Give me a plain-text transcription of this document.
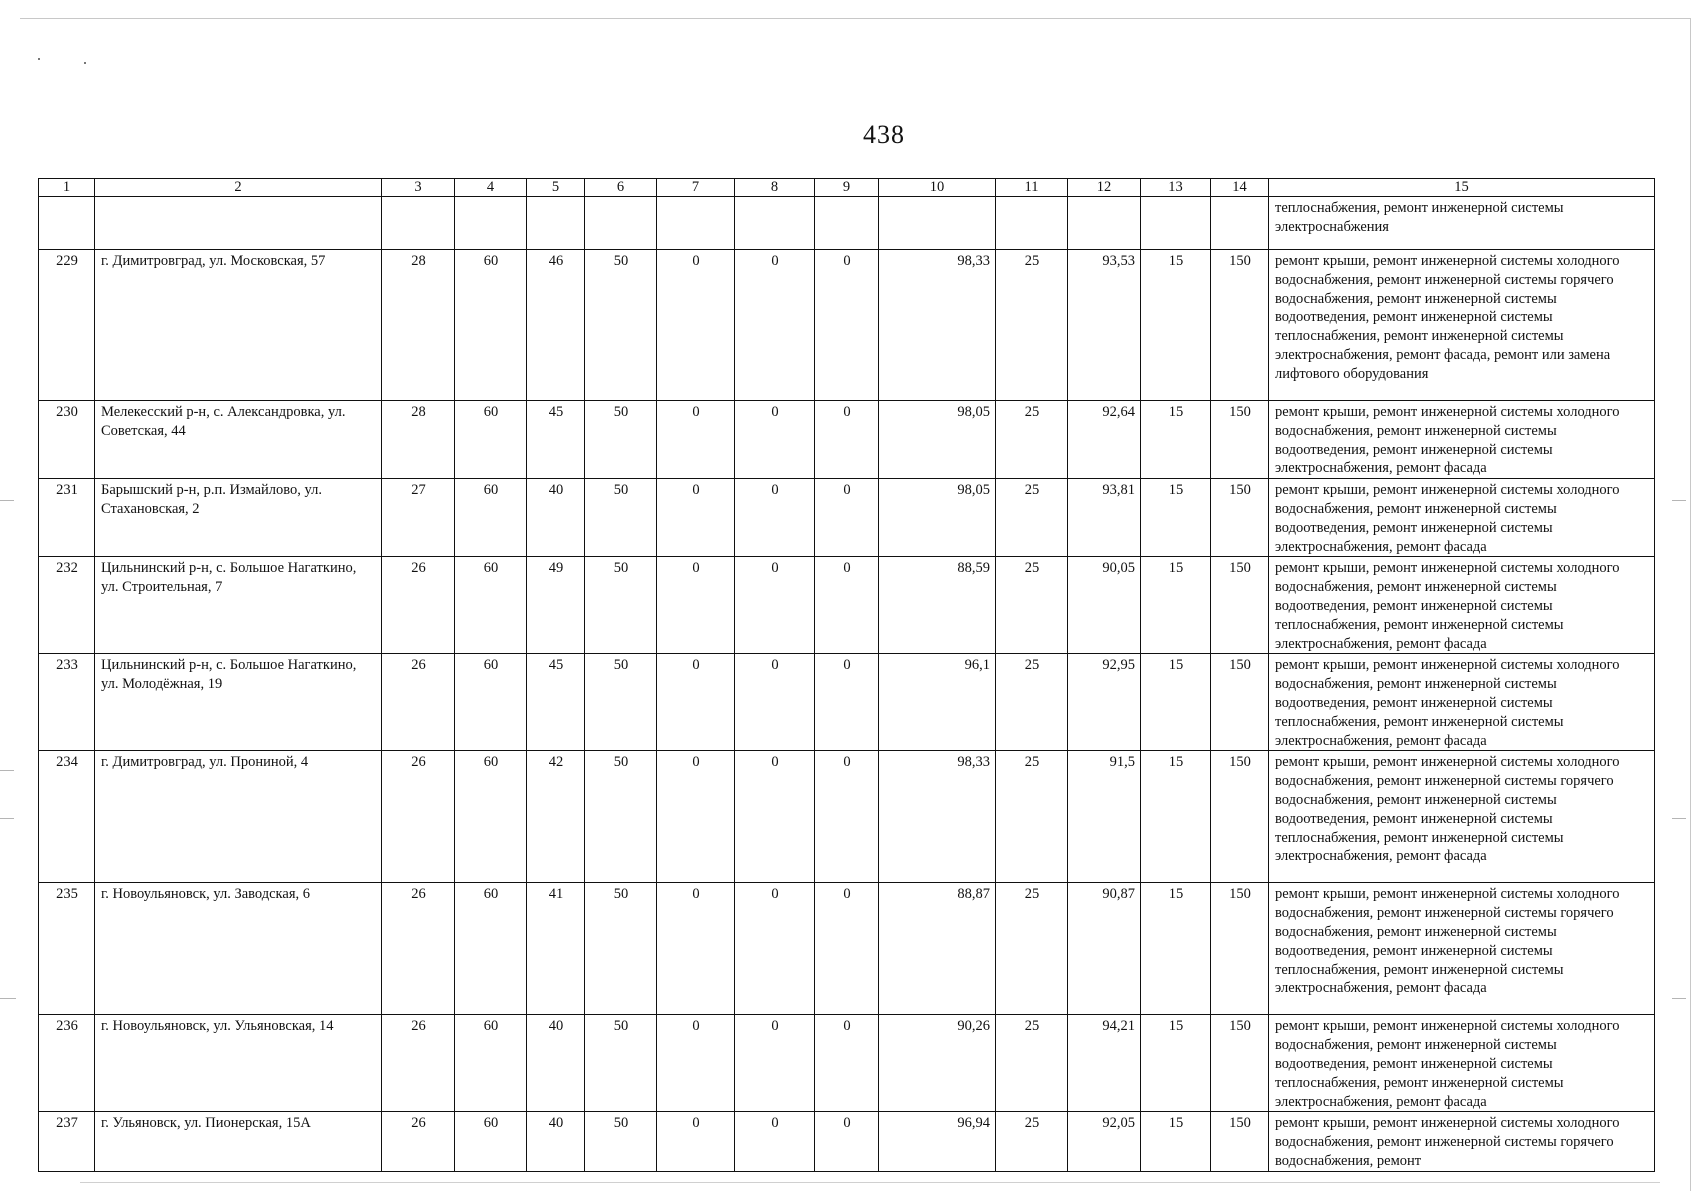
438
1	2	3	4	5	6	7	8	9	10	11	12	13	14	15
														теплоснабжения, ремонт инженерной системы электроснабжения
229	г. Димитровград, ул. Московская, 57	28	60	46	50	0	0	0	98,33	25	93,53	15	150	ремонт крыши, ремонт инженерной системы холодного водоснабжения, ремонт инженерной системы горячего водоснабжения, ремонт инженерной системы водоотведения, ремонт инженерной системы теплоснабжения, ремонт инженерной системы электроснабжения, ремонт фасада, ремонт или замена лифтового оборудования
230	Мелекесский р-н, с. Александровка, ул. Советская, 44	28	60	45	50	0	0	0	98,05	25	92,64	15	150	ремонт крыши, ремонт инженерной системы холодного водоснабжения, ремонт инженерной системы водоотведения, ремонт инженерной системы электроснабжения, ремонт фасада
231	Барышский р-н, р.п. Измайлово, ул. Стахановская, 2	27	60	40	50	0	0	0	98,05	25	93,81	15	150	ремонт крыши, ремонт инженерной системы холодного водоснабжения, ремонт инженерной системы водоотведения, ремонт инженерной системы электроснабжения, ремонт фасада
232	Цильнинский р-н, с. Большое Нагаткино, ул. Строительная, 7	26	60	49	50	0	0	0	88,59	25	90,05	15	150	ремонт крыши, ремонт инженерной системы холодного водоснабжения, ремонт инженерной системы водоотведения, ремонт инженерной системы теплоснабжения, ремонт инженерной системы электроснабжения, ремонт фасада
233	Цильнинский р-н, с. Большое Нагаткино, ул. Молодёжная, 19	26	60	45	50	0	0	0	96,1	25	92,95	15	150	ремонт крыши, ремонт инженерной системы холодного водоснабжения, ремонт инженерной системы водоотведения, ремонт инженерной системы теплоснабжения, ремонт инженерной системы электроснабжения, ремонт фасада
234	г. Димитровград, ул. Прониной, 4	26	60	42	50	0	0	0	98,33	25	91,5	15	150	ремонт крыши, ремонт инженерной системы холодного водоснабжения, ремонт инженерной системы горячего водоснабжения, ремонт инженерной системы водоотведения, ремонт инженерной системы теплоснабжения, ремонт инженерной системы электроснабжения, ремонт фасада
235	г. Новоульяновск, ул. Заводская, 6	26	60	41	50	0	0	0	88,87	25	90,87	15	150	ремонт крыши, ремонт инженерной системы холодного водоснабжения, ремонт инженерной системы горячего водоснабжения, ремонт инженерной системы водоотведения, ремонт инженерной системы теплоснабжения, ремонт инженерной системы электроснабжения, ремонт фасада
236	г. Новоульяновск, ул. Ульяновская, 14	26	60	40	50	0	0	0	90,26	25	94,21	15	150	ремонт крыши, ремонт инженерной системы холодного водоснабжения, ремонт инженерной системы водоотведения, ремонт инженерной системы теплоснабжения, ремонт инженерной системы электроснабжения, ремонт фасада
237	г. Ульяновск, ул. Пионерская, 15А	26	60	40	50	0	0	0	96,94	25	92,05	15	150	ремонт крыши, ремонт инженерной системы холодного водоснабжения, ремонт инженерной системы горячего водоснабжения, ремонт
